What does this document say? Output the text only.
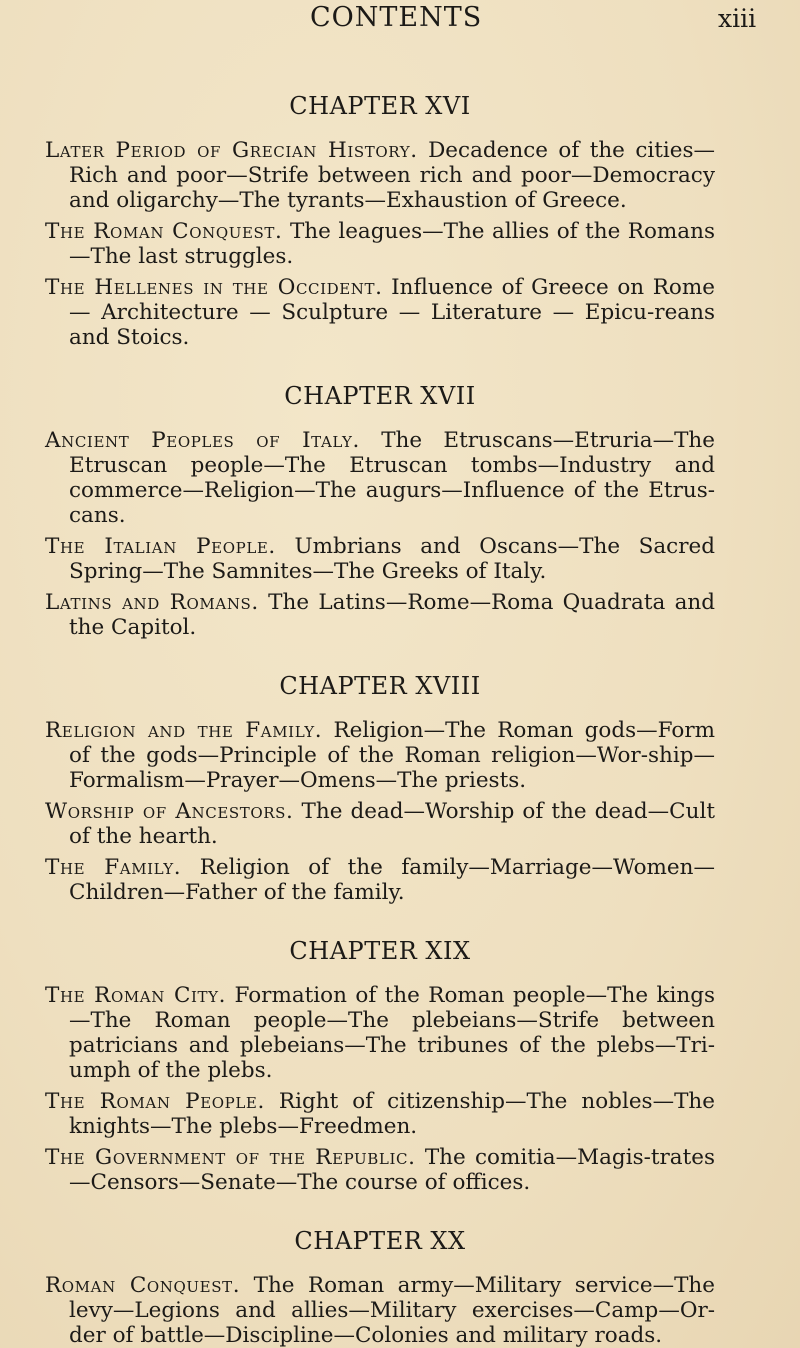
CONTENTS	xiii
CHAPTER XVI

Later Period of Grecian History. Decadence of the cities—Rich and poor—Strife between rich and poor—Democracy and oligarchy—The tyrants—Exhaustion of Greece.

The Roman Conquest. The leagues—The allies of the Romans—The last struggles.

The Hellenes in the Occident. Influence of Greece on Rome — Architecture — Sculpture — Literature — Epicu-reans and Stoics.

CHAPTER XVII

Ancient Peoples of Italy. The Etruscans—Etruria—The Etruscan people—The Etruscan tombs—Industry and commerce—Religion—The augurs—Influence of the Etrus-cans.

The Italian People. Umbrians and Oscans—The Sacred Spring—The Samnites—The Greeks of Italy.

Latins and Romans. The Latins—Rome—Roma Quadrata and the Capitol.

CHAPTER XVIII

Religion and the Family. Religion—The Roman gods—Form of the gods—Principle of the Roman religion—Wor-ship—Formalism—Prayer—Omens—The priests.

Worship of Ancestors. The dead—Worship of the dead—Cult of the hearth.

The Family. Religion of the family—Marriage—Women—Children—Father of the family.

CHAPTER XIX

The Roman City. Formation of the Roman people—The kings—The Roman people—The plebeians—Strife between patricians and plebeians—The tribunes of the plebs—Tri-umph of the plebs.

The Roman People. Right of citizenship—The nobles—The knights—The plebs—Freedmen.

The Government of the Republic. The comitia—Magis-trates—Censors—Senate—The course of offices.

CHAPTER XX

Roman Conquest. The Roman army—Military service—The levy—Legions and allies—Military exercises—Camp—Or-der of battle—Discipline—Colonies and military roads.
